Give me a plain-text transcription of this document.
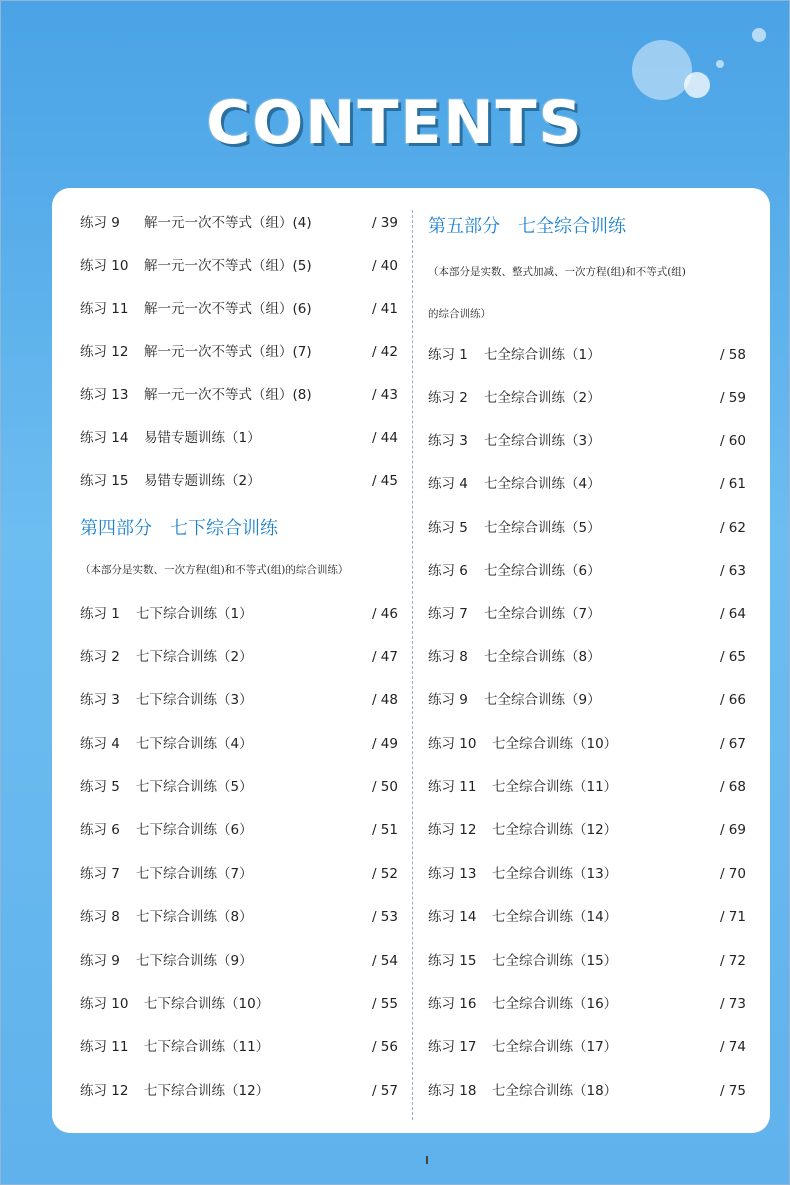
CONTENTS
练习 9 解一元一次不等式（组）(4)	/ 39
练习 10 解一元一次不等式（组）(5)	/ 40
练习 11 解一元一次不等式（组）(6)	/ 41
练习 12 解一元一次不等式（组）(7)	/ 42
练习 13 解一元一次不等式（组）(8)	/ 43
练习 14 易错专题训练（1）	/ 44
练习 15 易错专题训练（2）	/ 45
第四部分　七下综合训练
（本部分是实数、一次方程(组)和不等式(组)的综合训练）
练习 1 七下综合训练（1）	/ 46
练习 2 七下综合训练（2）	/ 47
练习 3 七下综合训练（3）	/ 48
练习 4 七下综合训练（4）	/ 49
练习 5 七下综合训练（5）	/ 50
练习 6 七下综合训练（6）	/ 51
练习 7 七下综合训练（7）	/ 52
练习 8 七下综合训练（8）	/ 53
练习 9 七下综合训练（9）	/ 54
练习 10 七下综合训练（10）	/ 55
练习 11 七下综合训练（11）	/ 56
练习 12 七下综合训练（12）	/ 57
第五部分　七全综合训练
（本部分是实数、整式加减、一次方程(组)和不等式(组)
的综合训练）
练习 1 七全综合训练（1）	/ 58
练习 2 七全综合训练（2）	/ 59
练习 3 七全综合训练（3）	/ 60
练习 4 七全综合训练（4）	/ 61
练习 5 七全综合训练（5）	/ 62
练习 6 七全综合训练（6）	/ 63
练习 7 七全综合训练（7）	/ 64
练习 8 七全综合训练（8）	/ 65
练习 9 七全综合训练（9）	/ 66
练习 10 七全综合训练（10）	/ 67
练习 11 七全综合训练（11）	/ 68
练习 12 七全综合训练（12）	/ 69
练习 13 七全综合训练（13）	/ 70
练习 14 七全综合训练（14）	/ 71
练习 15 七全综合训练（15）	/ 72
练习 16 七全综合训练（16）	/ 73
练习 17 七全综合训练（17）	/ 74
练习 18 七全综合训练（18）	/ 75
